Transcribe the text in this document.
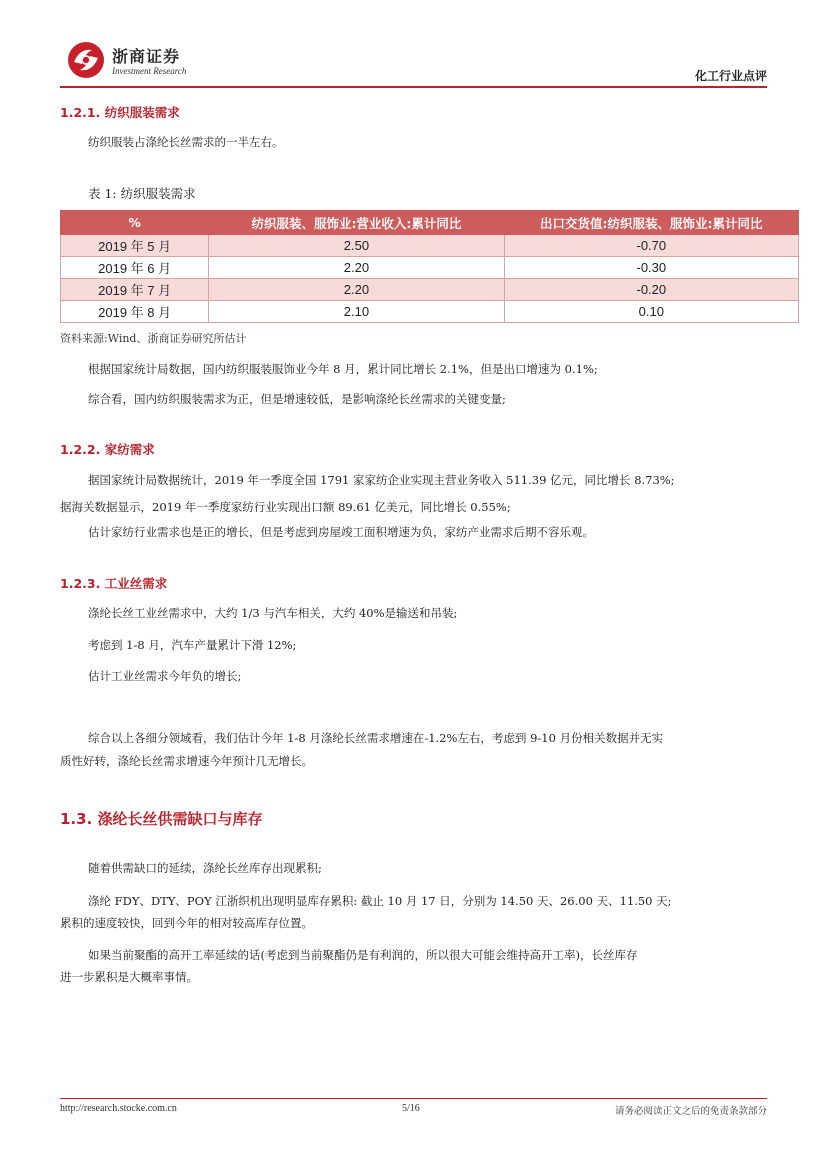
浙商证券
Investment Research	化工行业点评
1.2.1. 纺织服装需求
纺织服装占涤纶长丝需求的一半左右。
表 1: 纺织服装需求
%	纺织服装、服饰业:营业收入:累计同比	出口交货值:纺织服装、服饰业:累计同比
2019 年 5 月	2.50	-0.70
2019 年 6 月	2.20	-0.30
2019 年 7 月	2.20	-0.20
2019 年 8 月	2.10	0.10
资料来源:Wind、浙商证券研究所估计
根据国家统计局数据，国内纺织服装服饰业今年 8 月，累计同比增长 2.1%，但是出口增速为 0.1%;
综合看，国内纺织服装需求为正，但是增速较低，是影响涤纶长丝需求的关键变量;
1.2.2. 家纺需求
据国家统计局数据统计，2019 年一季度全国 1791 家家纺企业实现主营业务收入 511.39 亿元，同比增长 8.73%;
据海关数据显示，2019 年一季度家纺行业实现出口额 89.61 亿美元，同比增长 0.55%;
估计家纺行业需求也是正的增长，但是考虑到房屋竣工面积增速为负，家纺产业需求后期不容乐观。
1.2.3. 工业丝需求
涤纶长丝工业丝需求中，大约 1/3 与汽车相关，大约 40%是输送和吊装;
考虑到 1-8 月，汽车产量累计下滑 12%;
估计工业丝需求今年负的增长;
综合以上各细分领域看，我们估计今年 1-8 月涤纶长丝需求增速在-1.2%左右，考虑到 9-10 月份相关数据并无实
质性好转，涤纶长丝需求增速今年预计几无增长。
1.3. 涤纶长丝供需缺口与库存
随着供需缺口的延续，涤纶长丝库存出现累积;
涤纶 FDY、DTY、POY 江浙织机出现明显库存累积: 截止 10 月 17 日，分别为 14.50 天、26.00 天、11.50 天;
累积的速度较快，回到今年的相对较高库存位置。
如果当前聚酯的高开工率延续的话(考虑到当前聚酯仍是有利润的，所以很大可能会维持高开工率)，长丝库存
进一步累积是大概率事情。
http://research.stocke.com.cn	5/16	请务必阅读正文之后的免责条款部分
